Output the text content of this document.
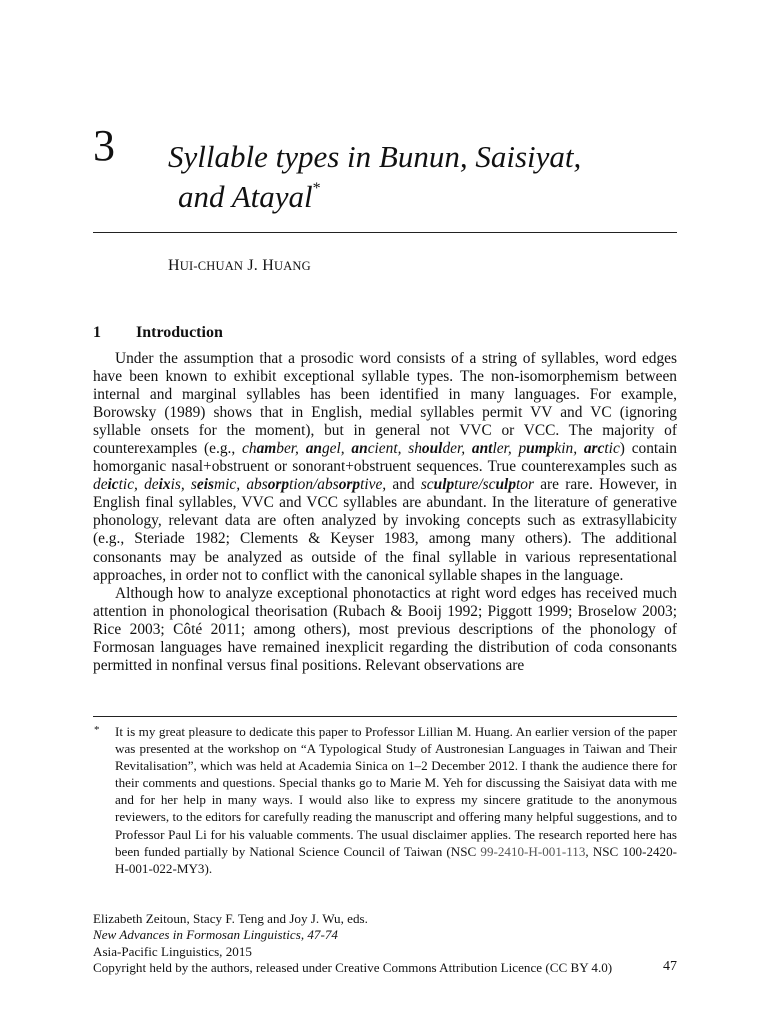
3 Syllable types in Bunun, Saisiyat,
and Atayal*
HUI-CHUAN J. HUANG
1 Introduction

Under the assumption that a prosodic word consists of a string of syllables, word edges have been known to exhibit exceptional syllable types. The non-isomorphemism between internal and marginal syllables has been identified in many languages. For example, Borowsky (1989) shows that in English, medial syllables permit VV and VC (ignoring syllable onsets for the moment), but in general not VVC or VCC. The majority of counterexamples (e.g., chamber, angel, ancient, shoulder, antler, pumpkin, arctic) contain homorganic nasal+obstruent or sonorant+obstruent sequences. True counterexamples such as deictic, deixis, seismic, absorption/absorptive, and sculpture/sculptor are rare. However, in English final syllables, VVC and VCC syllables are abundant. In the literature of generative phonology, relevant data are often analyzed by invoking concepts such as extrasyllabicity (e.g., Steriade 1982; Clements & Keyser 1983, among many others). The additional consonants may be analyzed as outside of the final syllable in various representational approaches, in order not to conflict with the canonical syllable shapes in the language.

Although how to analyze exceptional phonotactics at right word edges has received much attention in phonological theorisation (Rubach & Booij 1992; Piggott 1999; Broselow 2003; Rice 2003; Côté 2011; among others), most previous descriptions of the phonology of Formosan languages have remained inexplicit regarding the distribution of coda consonants permitted in nonfinal versus final positions. Relevant observations are

* It is my great pleasure to dedicate this paper to Professor Lillian M. Huang. An earlier version of the paper was presented at the workshop on “A Typological Study of Austronesian Languages in Taiwan and Their Revitalisation”, which was held at Academia Sinica on 1–2 December 2012. I thank the audience there for their comments and questions. Special thanks go to Marie M. Yeh for discussing the Saisiyat data with me and for her help in many ways. I would also like to express my sincere gratitude to the anonymous reviewers, to the editors for carefully reading the manuscript and offering many helpful suggestions, and to Professor Paul Li for his valuable comments. The usual disclaimer applies. The research reported here has been funded partially by National Science Council of Taiwan (NSC 99-2410-H-001-113, NSC 100-2420-H-001-022-MY3).
Elizabeth Zeitoun, Stacy F. Teng and Joy J. Wu, eds.
New Advances in Formosan Linguistics, 47-74
Asia-Pacific Linguistics, 2015
Copyright held by the authors, released under Creative Commons Attribution Licence (CC BY 4.0)	47
